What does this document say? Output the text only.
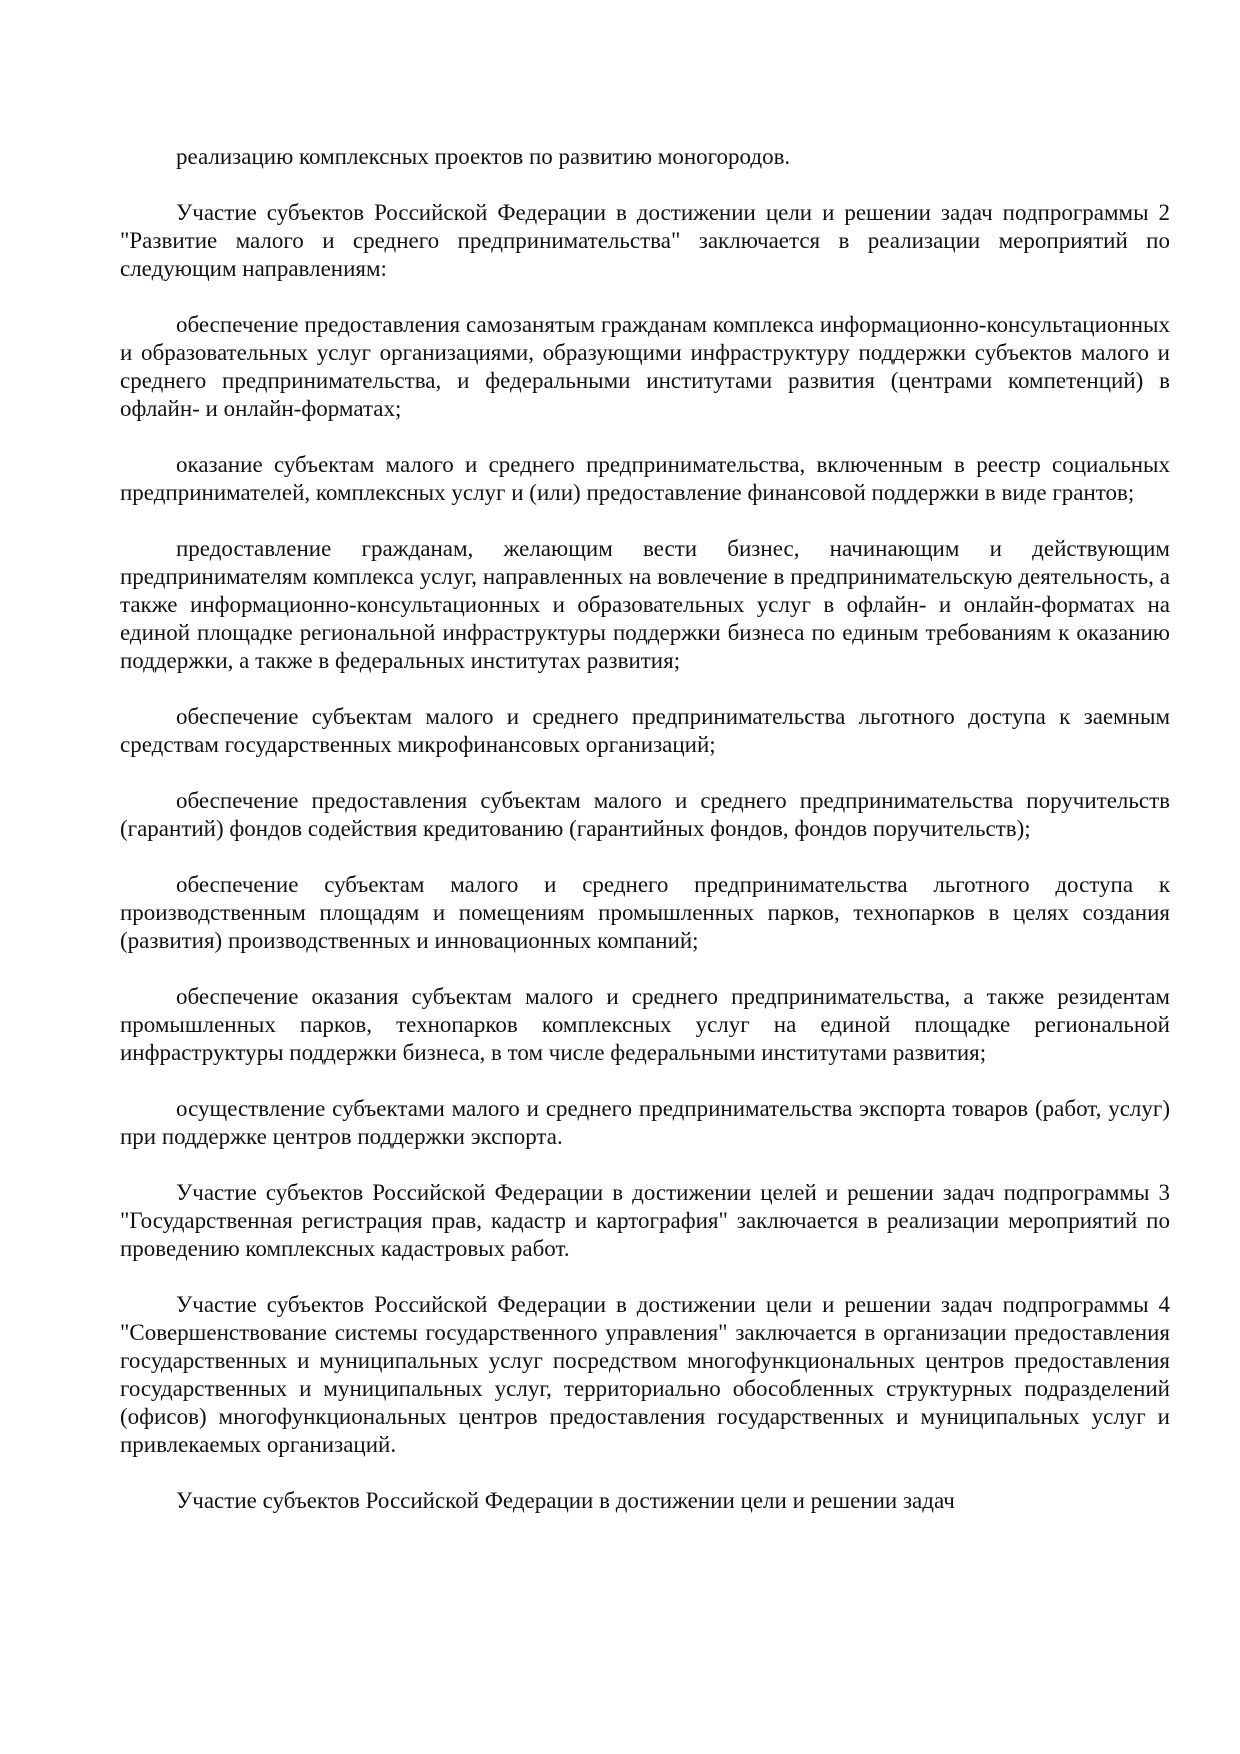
реализацию комплексных проектов по развитию моногородов.

Участие субъектов Российской Федерации в достижении цели и решении задач подпрограммы 2 "Развитие малого и среднего предпринимательства" заключается в реализации мероприятий по следующим направлениям:

обеспечение предоставления самозанятым гражданам комплекса информационно-консультационных и образовательных услуг организациями, образующими инфраструктуру поддержки субъектов малого и среднего предпринимательства, и федеральными институтами развития (центрами компетенций) в офлайн- и онлайн-форматах;

оказание субъектам малого и среднего предпринимательства, включенным в реестр социальных предпринимателей, комплексных услуг и (или) предоставление финансовой поддержки в виде грантов;

предоставление гражданам, желающим вести бизнес, начинающим и действующим предпринимателям комплекса услуг, направленных на вовлечение в предпринимательскую деятельность, а также информационно-консультационных и образовательных услуг в офлайн- и онлайн-форматах на единой площадке региональной инфраструктуры поддержки бизнеса по единым требованиям к оказанию поддержки, а также в федеральных институтах развития;

обеспечение субъектам малого и среднего предпринимательства льготного доступа к заемным средствам государственных микрофинансовых организаций;

обеспечение предоставления субъектам малого и среднего предпринимательства поручительств (гарантий) фондов содействия кредитованию (гарантийных фондов, фондов поручительств);

обеспечение субъектам малого и среднего предпринимательства льготного доступа к производственным площадям и помещениям промышленных парков, технопарков в целях создания (развития) производственных и инновационных компаний;

обеспечение оказания субъектам малого и среднего предпринимательства, а также резидентам промышленных парков, технопарков комплексных услуг на единой площадке региональной инфраструктуры поддержки бизнеса, в том числе федеральными институтами развития;

осуществление субъектами малого и среднего предпринимательства экспорта товаров (работ, услуг) при поддержке центров поддержки экспорта.

Участие субъектов Российской Федерации в достижении целей и решении задач подпрограммы 3 "Государственная регистрация прав, кадастр и картография" заключается в реализации мероприятий по проведению комплексных кадастровых работ.

Участие субъектов Российской Федерации в достижении цели и решении задач подпрограммы 4 "Совершенствование системы государственного управления" заключается в организации предоставления государственных и муниципальных услуг посредством многофункциональных центров предоставления государственных и муниципальных услуг, территориально обособленных структурных подразделений (офисов) многофункциональных центров предоставления государственных и муниципальных услуг и привлекаемых организаций.

Участие субъектов Российской Федерации в достижении цели и решении задач
